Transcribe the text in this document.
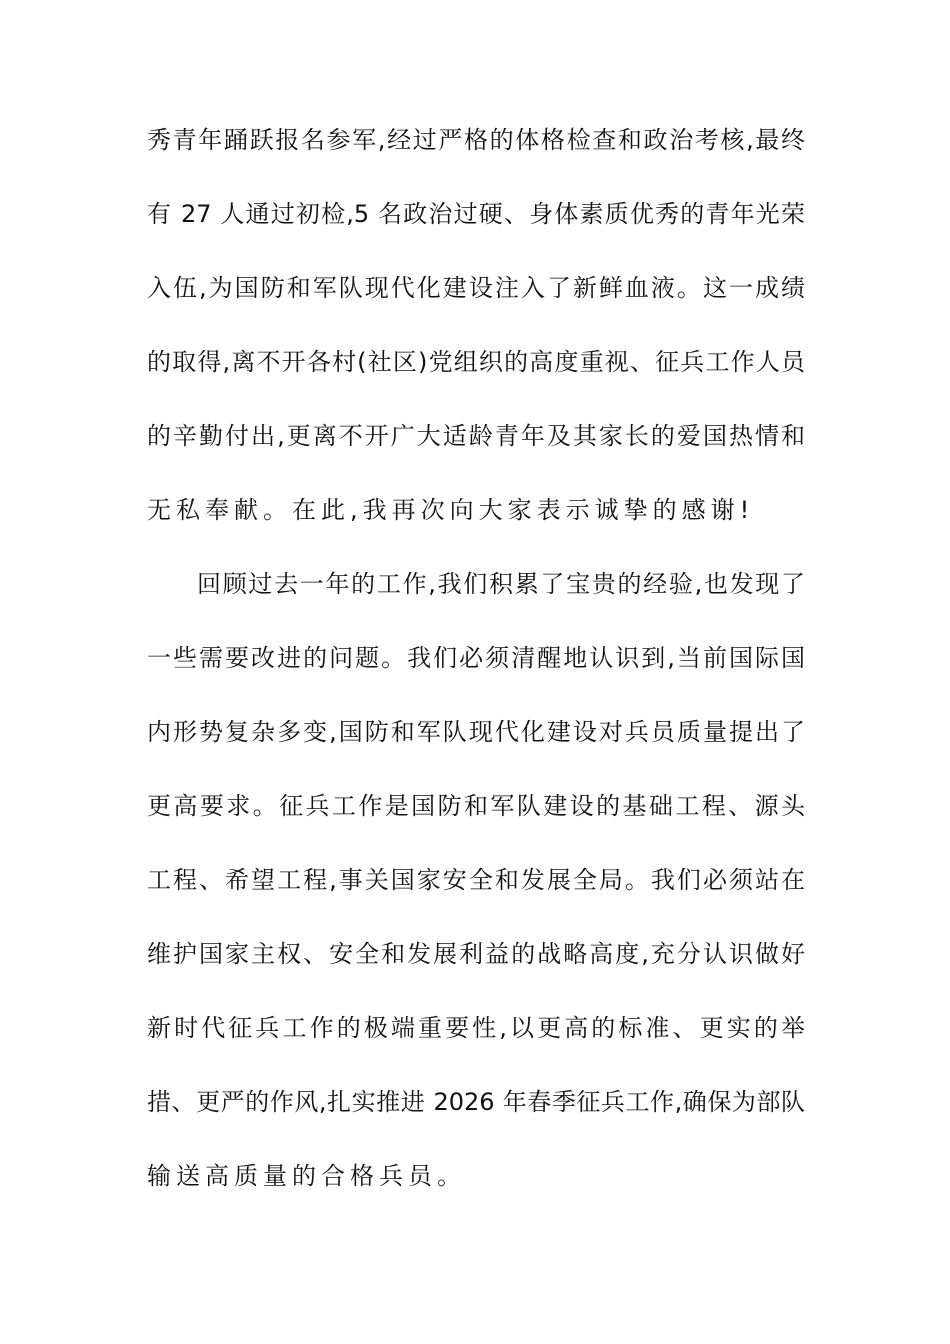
秀青年踊跃报名参军,经过严格的体格检查和政治考核,最终
有 27 人通过初检,5 名政治过硬、身体素质优秀的青年光荣
入伍,为国防和军队现代化建设注入了新鲜血液。这一成绩
的取得,离不开各村(社区)党组织的高度重视、征兵工作人员
的辛勤付出,更离不开广大适龄青年及其家长的爱国热情和
无私奉献。在此,我再次向大家表示诚挚的感谢!
回顾过去一年的工作,我们积累了宝贵的经验,也发现了
一些需要改进的问题。我们必须清醒地认识到,当前国际国
内形势复杂多变,国防和军队现代化建设对兵员质量提出了
更高要求。征兵工作是国防和军队建设的基础工程、源头
工程、希望工程,事关国家安全和发展全局。我们必须站在
维护国家主权、安全和发展利益的战略高度,充分认识做好
新时代征兵工作的极端重要性,以更高的标准、更实的举
措、更严的作风,扎实推进 2026 年春季征兵工作,确保为部队
输送高质量的合格兵员。
